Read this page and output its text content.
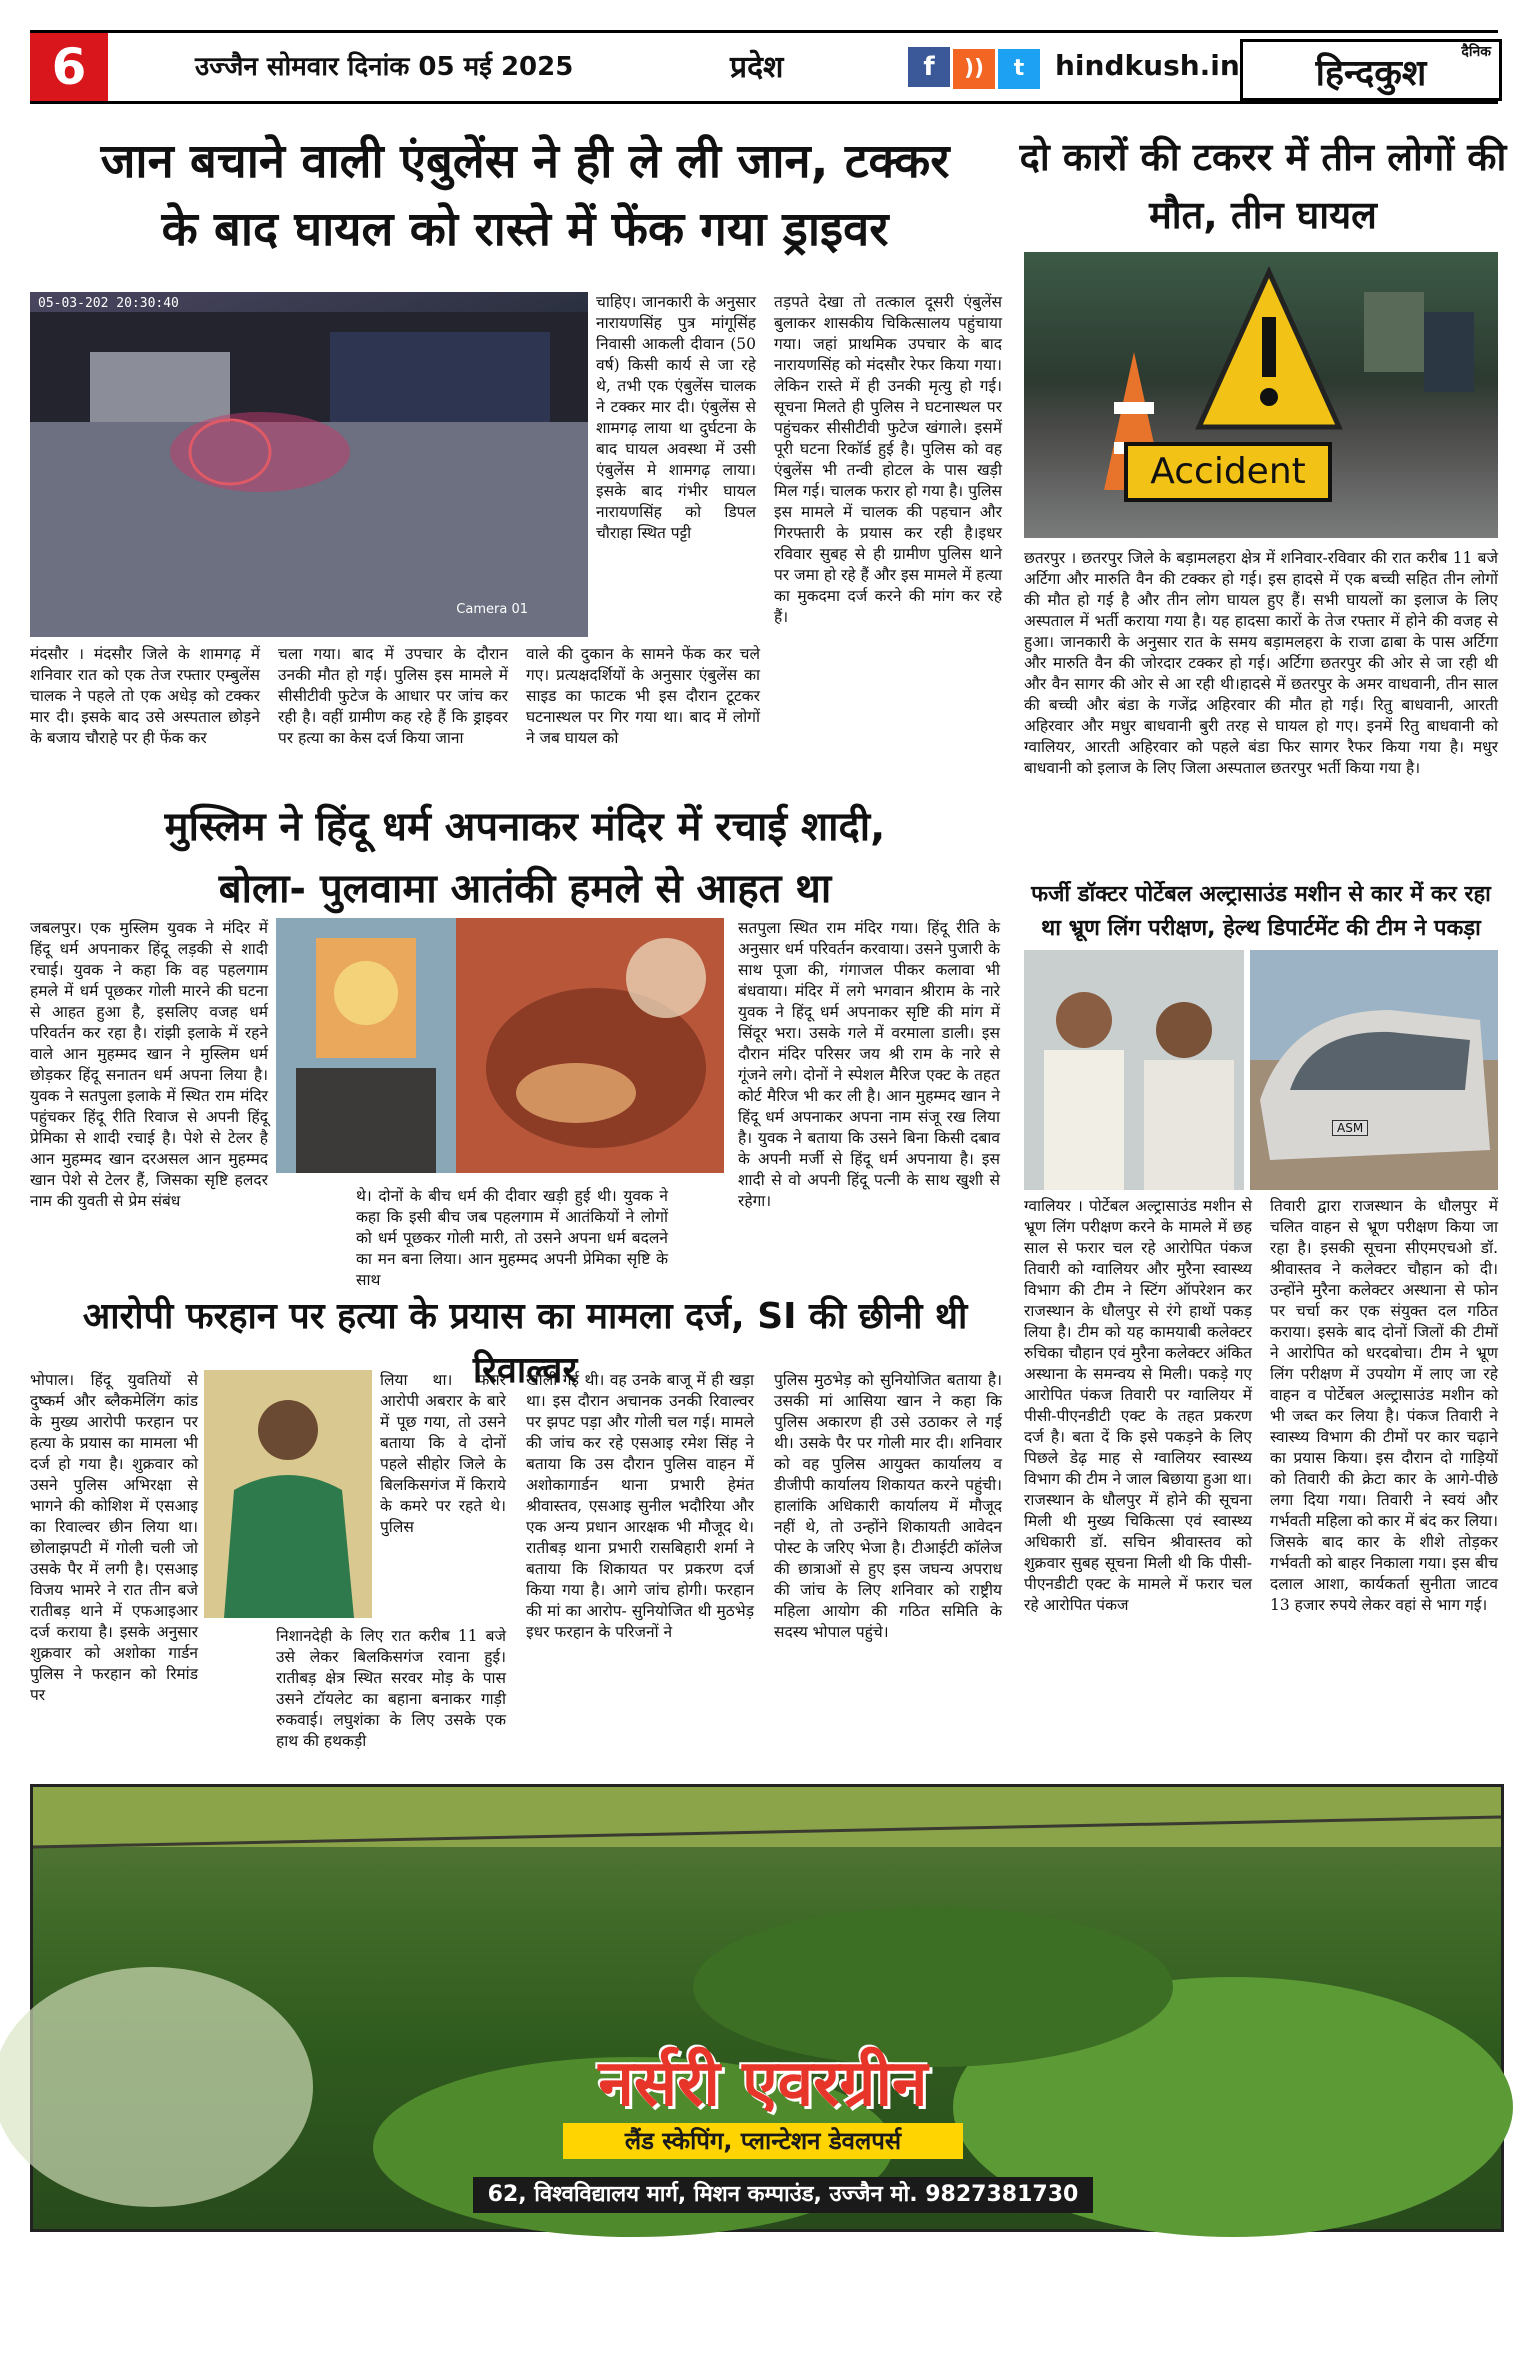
6	उज्जैन सोमवार दिनांक 05 मई 2025	प्रदेश	f )) t	hindkush.in	दैनिक
हिन्दकुश
जान बचाने वाली एंबुलेंस ने ही ले ली जान, टक्कर
के बाद घायल को रास्ते में फेंक गया ड्राइवर
05-03-202 20:30:40
Camera 01
मंदसौर । मंदसौर जिले के शामगढ़ में शनिवार रात को एक तेज रफ्तार एम्बुलेंस चालक ने पहले तो एक अधेड़ को टक्कर मार दी। इसके बाद उसे अस्पताल छोड़ने के बजाय चौराहे पर ही फेंक कर
चला गया। बाद में उपचार के दौरान उनकी मौत हो गई। पुलिस इस मामले में सीसीटीवी फुटेज के आधार पर जांच कर रही है। वहीं ग्रामीण कह रहे हैं कि ड्राइवर पर हत्या का केस दर्ज किया जाना
चाहिए। जानकारी के अनुसार नारायणसिंह पुत्र मांगूसिंह निवासी आकली दीवान (50 वर्ष) किसी कार्य से जा रहे थे, तभी एक एंबुलेंस चालक ने टक्कर मार दी। एंबुलेंस से शामगढ़ लाया था दुर्घटना के बाद घायल अवस्था में उसी एंबुलेंस मे शामगढ़ लाया। इसके बाद गंभीर घायल नारायणसिंह को डिपल चौराहा स्थित पट्टी
वाले की दुकान के सामने फेंक कर चले गए। प्रत्यक्षदर्शियों के अनुसार एंबुलेंस का साइड का फाटक भी इस दौरान टूटकर घटनास्थल पर गिर गया था। बाद में लोगों ने जब घायल को
तड़पते देखा तो तत्काल दूसरी एंबुलेंस बुलाकर शासकीय चिकित्सालय पहुंचाया गया। जहां प्राथमिक उपचार के बाद नारायणसिंह को मंदसौर रेफर किया गया। लेकिन रास्ते में ही उनकी मृत्यु हो गई। सूचना मिलते ही पुलिस ने घटनास्थल पर पहुंचकर सीसीटीवी फुटेज खंगाले। इसमें पूरी घटना रिकॉर्ड हुई है। पुलिस को वह एंबुलेंस भी तन्वी होटल के पास खड़ी मिल गई। चालक फरार हो गया है। पुलिस इस मामले में चालक की पहचान और गिरफ्तारी के प्रयास कर रही है।इधर रविवार सुबह से ही ग्रामीण पुलिस थाने पर जमा हो रहे हैं और इस मामले में हत्या का मुकदमा दर्ज करने की मांग कर रहे हैं।
दो कारों की टकरर में तीन लोगों की मौत, तीन घायल
Accident
छतरपुर । छतरपुर जिले के बड़ामलहरा क्षेत्र में शनिवार-रविवार की रात करीब 11 बजे अर्टिगा और मारुति वैन की टक्कर हो गई। इस हादसे में एक बच्ची सहित तीन लोगों की मौत हो गई है और तीन लोग घायल हुए हैं। सभी घायलों का इलाज के लिए अस्पताल में भर्ती कराया गया है। यह हादसा कारों के तेज रफ्तार में होने की वजह से हुआ। जानकारी के अनुसार रात के समय बड़ामलहरा के राजा ढाबा के पास अर्टिगा और मारुति वैन की जोरदार टक्कर हो गई। अर्टिगा छतरपुर की ओर से जा रही थी और वैन सागर की ओर से आ रही थी।हादसे में छतरपुर के अमर वाधवानी, तीन साल की बच्ची और बंडा के गजेंद्र अहिरवार की मौत हो गई। रितु बाधवानी, आरती अहिरवार और मधुर बाधवानी बुरी तरह से घायल हो गए। इनमें रितु बाधवानी को ग्वालियर, आरती अहिरवार को पहले बंडा फिर सागर रैफर किया गया है। मधुर बाधवानी को इलाज के लिए जिला अस्पताल छतरपुर भर्ती किया गया है।
मुस्लिम ने हिंदू धर्म अपनाकर मंदिर में रचाई शादी,
बोला- पुलवामा आतंकी हमले से आहत था
जबलपुर। एक मुस्लिम युवक ने मंदिर में हिंदू धर्म अपनाकर हिंदू लड़की से शादी रचाई। युवक ने कहा कि वह पहलगाम हमले में धर्म पूछकर गोली मारने की घटना से आहत हुआ है, इसलिए वजह धर्म परिवर्तन कर रहा है। रांझी इलाके में रहने वाले आन मुहम्मद खान ने मुस्लिम धर्म छोड़कर हिंदू सनातन धर्म अपना लिया है। युवक ने सतपुला इलाके में स्थित राम मंदिर पहुंचकर हिंदू रीति रिवाज से अपनी हिंदू प्रेमिका से शादी रचाई है। पेशे से टेलर है आन मुहम्मद खान दरअसल आन मुहम्मद खान पेशे से टेलर हैं, जिसका सृष्टि हलदर नाम की युवती से प्रेम संबंध	थे। दोनों के बीच धर्म की दीवार खड़ी हुई थी। युवक ने कहा कि इसी बीच जब पहलगाम में आतंकियों ने लोगों को धर्म पूछकर गोली मारी, तो उसने अपना धर्म बदलने का मन बना लिया। आन मुहम्मद अपनी प्रेमिका सृष्टि के साथ
सतपुला स्थित राम मंदिर गया। हिंदू रीति के अनुसार धर्म परिवर्तन करवाया। उसने पुजारी के साथ पूजा की, गंगाजल पीकर कलावा भी बंधवाया। मंदिर में लगे भगवान श्रीराम के नारे युवक ने हिंदू धर्म अपनाकर सृष्टि की मांग में सिंदूर भरा। उसके गले में वरमाला डाली। इस दौरान मंदिर परिसर जय श्री राम के नारे से गूंजने लगे। दोनों ने स्पेशल मैरिज एक्ट के तहत कोर्ट मैरिज भी कर ली है। आन मुहम्मद खान ने हिंदू धर्म अपनाकर अपना नाम संजू रख लिया है। युवक ने बताया कि उसने बिना किसी दबाव के अपनी मर्जी से हिंदू धर्म अपनाया है। इस शादी से वो अपनी हिंदू पत्नी के साथ खुशी से रहेगा।
फर्जी डॉक्टर पोर्टेबल अल्ट्रासाउंड मशीन से कार में कर रहा था भ्रूण लिंग परीक्षण, हेल्थ डिपार्टमेंट की टीम ने पकड़ा
ASM
ग्वालियर । पोर्टेबल अल्ट्रासाउंड मशीन से भ्रूण लिंग परीक्षण करने के मामले में छह साल से फरार चल रहे आरोपित पंकज तिवारी को ग्वालियर और मुरैना स्वास्थ्य विभाग की टीम ने स्टिंग ऑपरेशन कर राजस्थान के धौलपुर से रंगे हाथों पकड़ लिया है। टीम को यह कामयाबी कलेक्टर रुचिका चौहान एवं मुरैना कलेक्टर अंकित अस्थाना के समन्वय से मिली। पकड़े गए आरोपित पंकज तिवारी पर ग्वालियर में पीसी-पीएनडीटी एक्ट के तहत प्रकरण दर्ज है। बता दें कि इसे पकड़ने के लिए पिछले डेढ़ माह से ग्वालियर स्वास्थ्य विभाग की टीम ने जाल बिछाया हुआ था। राजस्थान के धौलपुर में होने की सूचना मिली थी मुख्य चिकित्सा एवं स्वास्थ्य अधिकारी डॉ. सचिन श्रीवास्तव को शुक्रवार सुबह सूचना मिली थी कि पीसी-पीएनडीटी एक्ट के मामले में फरार चल रहे आरोपित पंकज
तिवारी द्वारा राजस्थान के धौलपुर में चलित वाहन से भ्रूण परीक्षण किया जा रहा है। इसकी सूचना सीएमएचओ डॉ. श्रीवास्तव ने कलेक्टर चौहान को दी। उन्होंने मुरैना कलेक्टर अस्थाना से फोन पर चर्चा कर एक संयुक्त दल गठित कराया। इसके बाद दोनों जिलों की टीमों ने आरोपित को धरदबोचा। टीम ने भ्रूण लिंग परीक्षण में उपयोग में लाए जा रहे वाहन व पोर्टेबल अल्ट्रासाउंड मशीन को भी जब्त कर लिया है। पंकज तिवारी ने स्वास्थ्य विभाग की टीमों पर कार चढ़ाने का प्रयास किया। इस दौरान दो गाड़ियों को तिवारी की क्रेटा कार के आगे-पीछे लगा दिया गया। तिवारी ने स्वयं और गर्भवती महिला को कार में बंद कर लिया। जिसके बाद कार के शीशे तोड़कर गर्भवती को बाहर निकाला गया। इस बीच दलाल आशा, कार्यकर्ता सुनीता जाटव 13 हजार रुपये लेकर वहां से भाग गई।
आरोपी फरहान पर हत्या के प्रयास का मामला दर्ज, SI की छीनी थी रिवाल्वर
भोपाल। हिंदू युवतियों से दुष्कर्म और ब्लैकमेलिंग कांड के मुख्य आरोपी फरहान पर हत्या के प्रयास का मामला भी दर्ज हो गया है। शुक्रवार को उसने पुलिस अभिरक्षा से भागने की कोशिश में एसआइ का रिवाल्वर छीन लिया था। छोलाझपटी में गोली चली जो उसके पैर में लगी है। एसआइ विजय भामरे ने रात तीन बजे रातीबड़ थाने में एफआइआर दर्ज कराया है। इसके अनुसार शुक्रवार को अशोका गार्डन पुलिस ने फरहान को रिमांड पर
लिया था। फरार आरोपी अबरार के बारे में पूछ गया, तो उसने बताया कि वे दोनों पहले सीहोर जिले के बिलकिसगंज में किराये के कमरे पर रहते थे। पुलिस
निशानदेही के लिए रात करीब 11 बजे उसे लेकर बिलकिसगंज रवाना हुई। रातीबड़ क्षेत्र स्थित सरवर मोड़ के पास उसने टॉयलेट का बहाना बनाकर गाड़ी रुकवाई। लघुशंका के लिए उसके एक हाथ की हथकड़ी
खोली गई थी। वह उनके बाजू में ही खड़ा था। इस दौरान अचानक उनकी रिवाल्वर पर झपट पड़ा और गोली चल गई। मामले की जांच कर रहे एसआइ रमेश सिंह ने बताया कि उस दौरान पुलिस वाहन में अशोकागार्डन थाना प्रभारी हेमंत श्रीवास्तव, एसआइ सुनील भदौरिया और एक अन्य प्रधान आरक्षक भी मौजूद थे। रातीबड़ थाना प्रभारी रासबिहारी शर्मा ने बताया कि शिकायत पर प्रकरण दर्ज किया गया है। आगे जांच होगी। फरहान की मां का आरोप- सुनियोजित थी मुठभेड़ इधर फरहान के परिजनों ने
पुलिस मुठभेड़ को सुनियोजित बताया है। उसकी मां आसिया खान ने कहा कि पुलिस अकारण ही उसे उठाकर ले गई थी। उसके पैर पर गोली मार दी। शनिवार को वह पुलिस आयुक्त कार्यालय व डीजीपी कार्यालय शिकायत करने पहुंची। हालांकि अधिकारी कार्यालय में मौजूद नहीं थे, तो उन्होंने शिकायती आवेदन पोस्ट के जरिए भेजा है। टीआईटी कॉलेज की छात्राओं से हुए इस जघन्य अपराध की जांच के लिए शनिवार को राष्ट्रीय महिला आयोग की गठित समिति के सदस्य भोपाल पहुंचे।
नर्सरी एवरग्रीन
लैंड स्केपिंग, प्लान्टेशन डेवलपर्स
62, विश्वविद्यालय मार्ग, मिशन कम्पाउंड, उज्जैन मो. 9827381730
